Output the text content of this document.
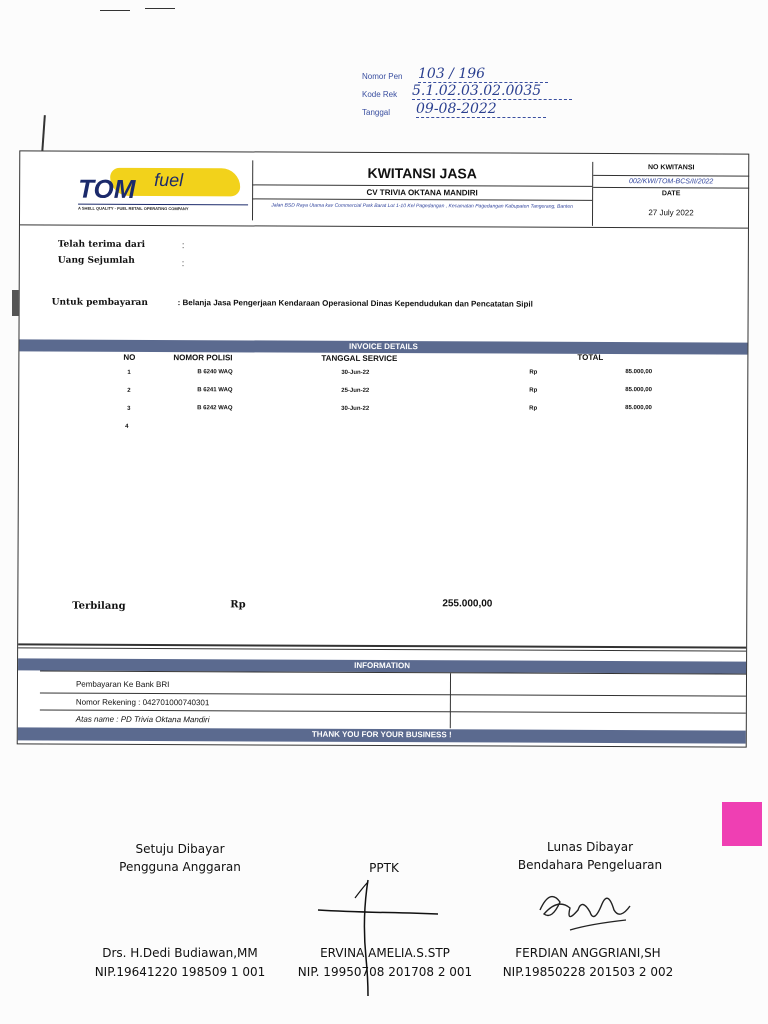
Nomor Pen 103 / 196
Kode Rek 5.1.02.03.02.0035
Tanggal 09-08-2022
TOM fuel
A SHELL QUALITY · FUEL RETAIL OPERATING COMPANY
KWITANSI JASA
CV TRIVIA OKTANA MANDIRI
Jalan BSD Raya Utama kav Commercial Park Barat Lot 1-10 Kel Pagedangan , Kecamatan Pagedangan Kabupaten Tangerang, Banten
NO KWITANSI
002/KWI/TOM-BCS/II/2022
DATE
27 July 2022
Telah terima dari	:
Uang Sejumlah	:
Untuk pembayaran	: Belanja Jasa Pengerjaan Kendaraan Operasional Dinas Kependudukan dan Pencatatan Sipil
INVOICE DETAILS
NO	NOMOR POLISI	TANGGAL SERVICE	TOTAL
1	B 6240 WAQ	30-Jun-22	Rp	85.000,00
2	B 6241 WAQ	25-Jun-22	Rp	85.000,00
3	B 6242 WAQ	30-Jun-22	Rp	85.000,00
4
Terbilang	Rp	255.000,00
INFORMATION
Pembayaran Ke Bank BRI
Nomor Rekening : 042701000740301
Atas name : PD Trivia Oktana Mandiri
THANK YOU FOR YOUR BUSINESS !
Setuju Dibayar
Pengguna Anggaran
Drs. H.Dedi Budiawan,MM
NIP.19641220 198509 1 001
PPTK
ERVINA AMELIA.S.STP
NIP. 19950708 201708 2 001
Lunas Dibayar
Bendahara Pengeluaran
FERDIAN ANGGRIANI,SH
NIP.19850228 201503 2 002
